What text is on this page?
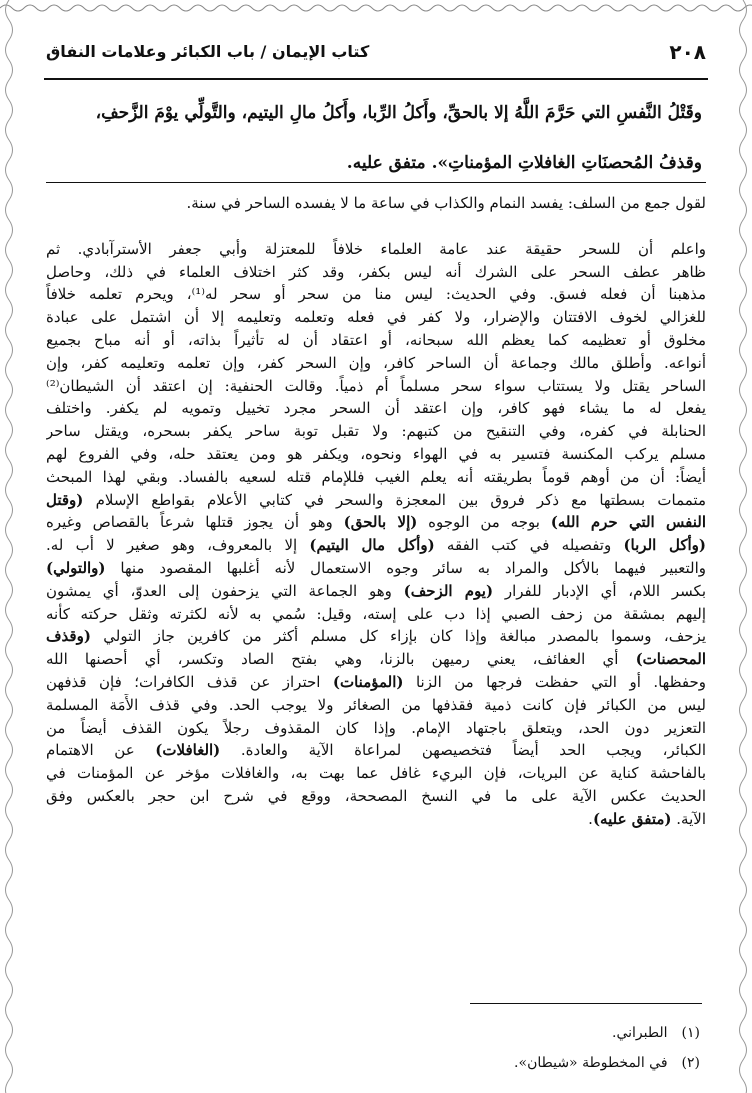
٢٠٨
كتاب الإيمان / باب الكبائر وعلامات النفاق
وقَتْلُ النَّفسِ التي حَرَّمَ اللَّهُ إلا بالحقِّ، وأَكلُ الرِّبا، وأَكلُ مالِ اليتيم، والتَّولِّي يوْمَ الزَّحفِ،
وقذفُ المُحصنَاتِ الغافلاتِ المؤمناتِ». متفق عليه.
لقول جمع من السلف: يفسد النمام والكذاب في ساعة ما لا يفسده الساحر في سنة.
واعلم أن للسحر حقيقة عند عامة العلماء خلافاً للمعتزلة وأبي جعفر الأسترآبادي. ثم
ظاهر عطف السحر على الشرك أنه ليس بكفر، وقد كثر اختلاف العلماء في ذلك، وحاصل
مذهبنا أن فعله فسق. وفي الحديث: ليس منا من سحر أو سحر له⁽¹⁾، ويحرم تعلمه خلافاً
للغزالي لخوف الافتتان والإضرار، ولا كفر في فعله وتعلمه وتعليمه إلا أن اشتمل على عبادة
مخلوق أو تعظيمه كما يعظم الله سبحانه، أو اعتقاد أن له تأثيراً بذاته، أو أنه مباح بجميع
أنواعه. وأطلق مالك وجماعة أن الساحر كافر، وإن السحر كفر، وإن تعلمه وتعليمه كفر، وإن
الساحر يقتل ولا يستتاب سواء سحر مسلماً أم ذمياً. وقالت الحنفية: إن اعتقد أن الشيطان⁽²⁾
يفعل له ما يشاء فهو كافر، وإن اعتقد أن السحر مجرد تخييل وتمويه لم يكفر. واختلف
الحنابلة في كفره، وفي التنقيح من كتبهم: ولا تقبل توبة ساحر يكفر بسحره، ويقتل ساحر
مسلم يركب المكنسة فتسير به في الهواء ونحوه، ويكفر هو ومن يعتقد حله، وفي الفروع لهم
أيضاً: أن من أوهم قوماً بطريقته أنه يعلم الغيب فللإمام قتله لسعيه بالفساد. وبقي لهذا المبحث
متممات بسطتها مع ذكر فروق بين المعجزة والسحر في كتابي الأعلام بقواطع الإسلام (وقتل
النفس التي حرم الله) بوجه من الوجوه (إلا بالحق) وهو أن يجوز قتلها شرعاً بالقصاص وغيره
(وأكل الربا) وتفصيله في كتب الفقه (وأكل مال اليتيم) إلا بالمعروف، وهو صغير لا أب له.
والتعبير فيهما بالأكل والمراد به سائر وجوه الاستعمال لأنه أغلبها المقصود منها (والتولي)
بكسر اللام، أي الإدبار للفرار (يوم الزحف) وهو الجماعة التي يزحفون إلى العدوّ، أي يمشون
إليهم بمشقة من زحف الصبي إذا دب على إسته، وقيل: سُمي به لأنه لكثرته وثقل حركته كأنه
يزحف، وسموا بالمصدر مبالغة وإذا كان بإزاء كل مسلم أكثر من كافرين جاز التولي (وقذف
المحصنات) أي العفائف، يعني رميهن بالزنا، وهي بفتح الصاد وتكسر، أي أحصنها الله
وحفظها. أو التي حفظت فرجها من الزنا (المؤمنات) احتراز عن قذف الكافرات؛ فإن قذفهن
ليس من الكبائر فإن كانت ذمية فقذفها من الصغائر ولا يوجب الحد. وفي قذف الأَمَة المسلمة
التعزير دون الحد، ويتعلق باجتهاد الإمام. وإذا كان المقذوف رجلاً يكون القذف أيضاً من
الكبائر، ويجب الحد أيضاً فتخصيصهن لمراعاة الآية والعادة. (الغافلات) عن الاهتمام
بالفاحشة كناية عن البريات، فإن البريء غافل عما بهت به، والغافلات مؤخر عن المؤمنات في
الحديث عكس الآية على ما في النسخ المصححة، ووقع في شرح ابن حجر بالعكس وفق
الآية. (متفق عليه).
(١)الطبراني.
(٢)في المخطوطة «شيطان».
